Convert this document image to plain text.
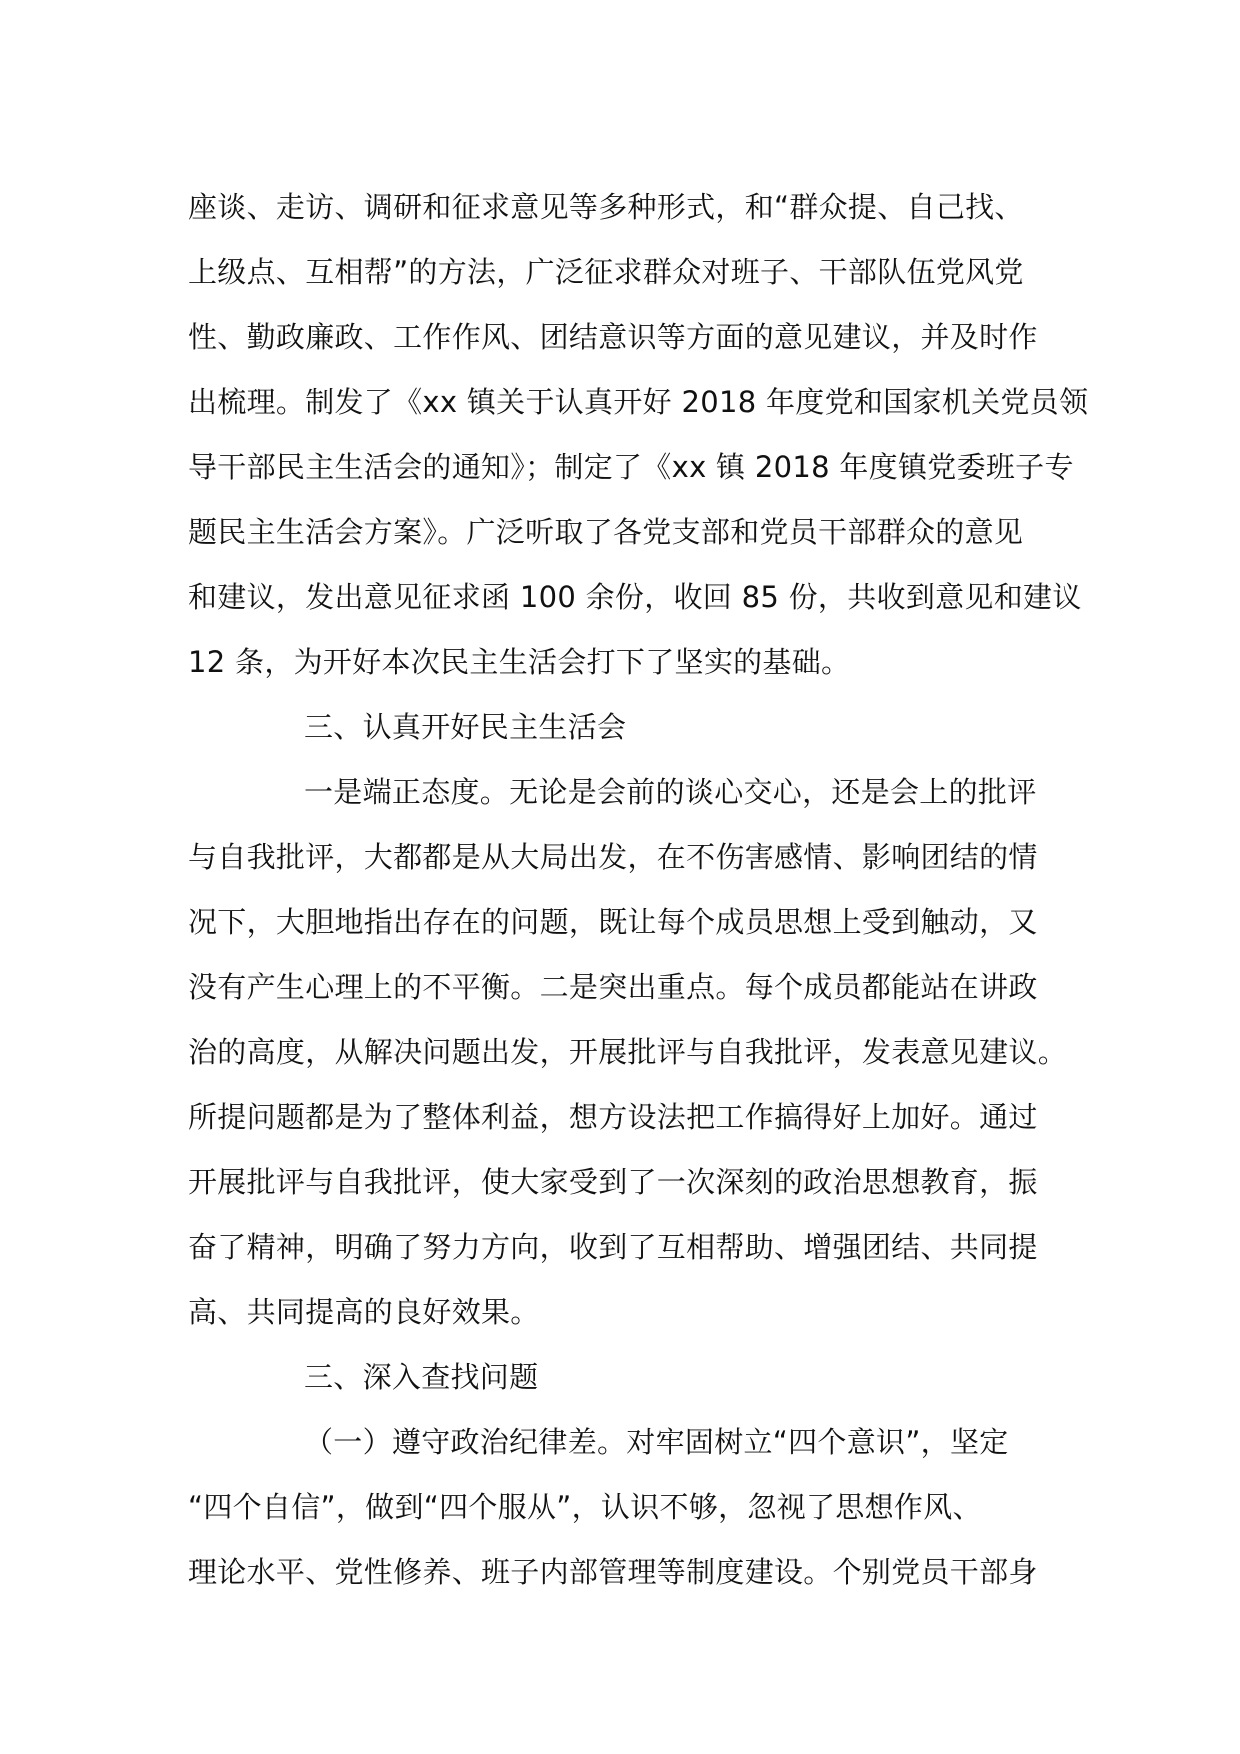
座谈、走访、调研和征求意见等多种形式，和“群众提、自己找、
上级点、互相帮”的方法，广泛征求群众对班子、干部队伍党风党
性、勤政廉政、工作作风、团结意识等方面的意见建议，并及时作
出梳理。制发了《xx 镇关于认真开好 2018 年度党和国家机关党员领
导干部民主生活会的通知》；制定了《xx 镇 2018 年度镇党委班子专
题民主生活会方案》。广泛听取了各党支部和党员干部群众的意见
和建议，发出意见征求函 100 余份，收回 85 份，共收到意见和建议
12 条，为开好本次民主生活会打下了坚实的基础。
三、认真开好民主生活会
一是端正态度。无论是会前的谈心交心，还是会上的批评
与自我批评，大都都是从大局出发，在不伤害感情、影响团结的情
况下，大胆地指出存在的问题，既让每个成员思想上受到触动，又
没有产生心理上的不平衡。二是突出重点。每个成员都能站在讲政
治的高度，从解决问题出发，开展批评与自我批评，发表意见建议。
所提问题都是为了整体利益，想方设法把工作搞得好上加好。通过
开展批评与自我批评，使大家受到了一次深刻的政治思想教育，振
奋了精神，明确了努力方向，收到了互相帮助、增强团结、共同提
高、共同提高的良好效果。
三、深入查找问题
（一）遵守政治纪律差。对牢固树立“四个意识”，坚定
“四个自信”，做到“四个服从”，认识不够，忽视了思想作风、
理论水平、党性修养、班子内部管理等制度建设。个别党员干部身
